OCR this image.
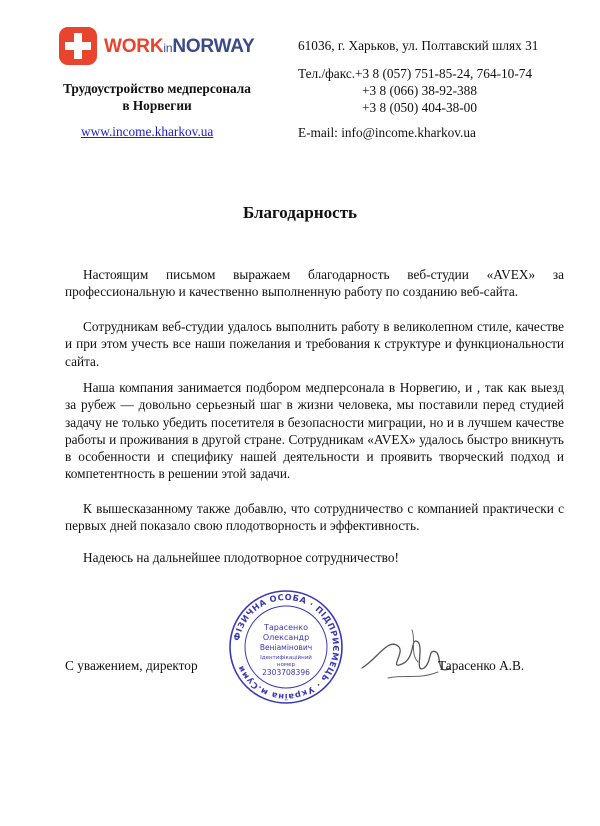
WORKinNORWAY
Трудоустройство медперсонала
в Норвегии
www.income.kharkov.ua
61036, г. Харьков, ул. Полтавский шлях 31
Тел./факс.+3 8 (057) 751-85-24, 764-10-74
+3 8 (066) 38-92-388
+3 8 (050) 404-38-00
E-mail: info@income.kharkov.ua
Благодарность

Настоящим письмом выражаем благодарность веб-студии «AVEX» за профессиональную и качественно выполненную работу по созданию веб-сайта.

Сотрудникам веб-студии удалось выполнить работу в великолепном стиле, качестве и при этом учесть все наши пожелания и требования к структуре и функциональности сайта.

Наша компания занимается подбором медперсонала в Норвегию, и , так как выезд за рубеж — довольно серьезный шаг в жизни человека, мы поставили перед студией задачу не только убедить посетителя в безопасности миграции, но и в лучшем качестве работы и проживания в другой стране. Сотрудникам «AVEX» удалось быстро вникнуть в особенности и специфику нашей деятельности и проявить творческий подход и компетентность в решении этой задачи.

К вышесказанному также добавлю, что сотрудничество с компанией практически с первых дней показало свою плодотворность и эффективность.

Надеюсь на дальнейшее плодотворное сотрудничество!

ФІЗИЧНА ОСОБА · ПІДПРИЄМЕЦЬ · Україна м.Суми
Тарасенко
Олександр
Веніамінович
Ідентифікаційний
номер
2303708396
С уважением, директор	Тарасенко А.В.
